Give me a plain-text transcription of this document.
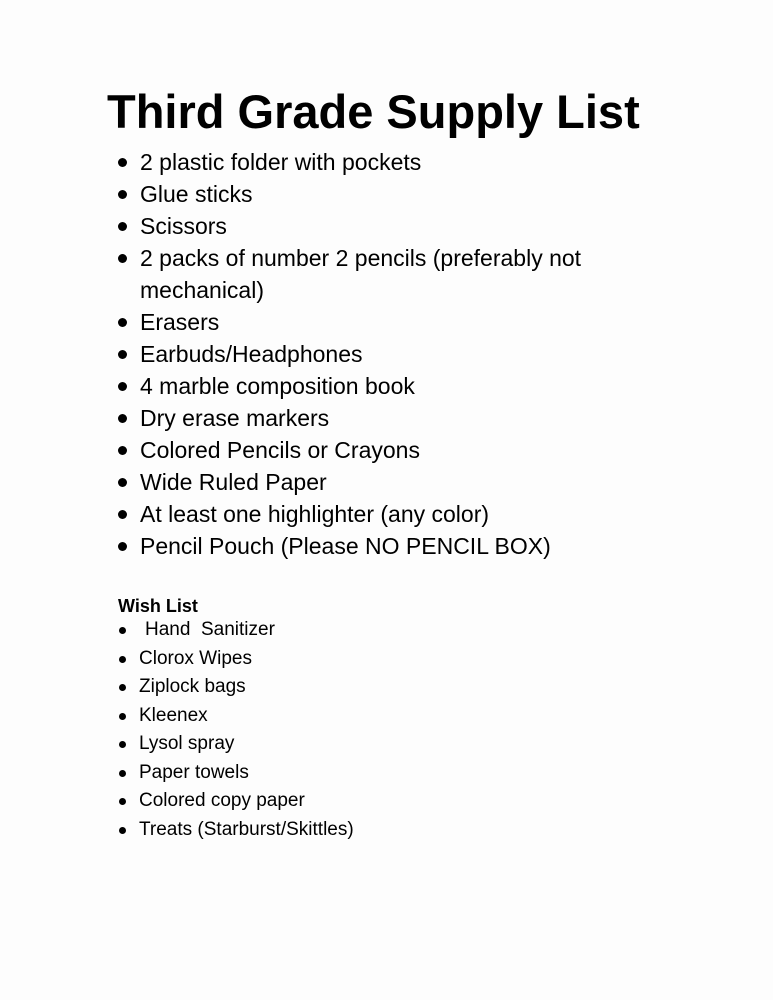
Third Grade Supply List
2 plastic folder with pockets
Glue sticks
Scissors
2 packs of number 2 pencils (preferably not mechanical)
Erasers
Earbuds/Headphones
4 marble composition book
Dry erase markers
Colored Pencils or Crayons
Wide Ruled Paper
At least one highlighter (any color)
Pencil Pouch (Please NO PENCIL BOX)
Wish List
Hand  Sanitizer
Clorox Wipes
Ziplock bags
Kleenex
Lysol spray
Paper towels
Colored copy paper
Treats (Starburst/Skittles)
